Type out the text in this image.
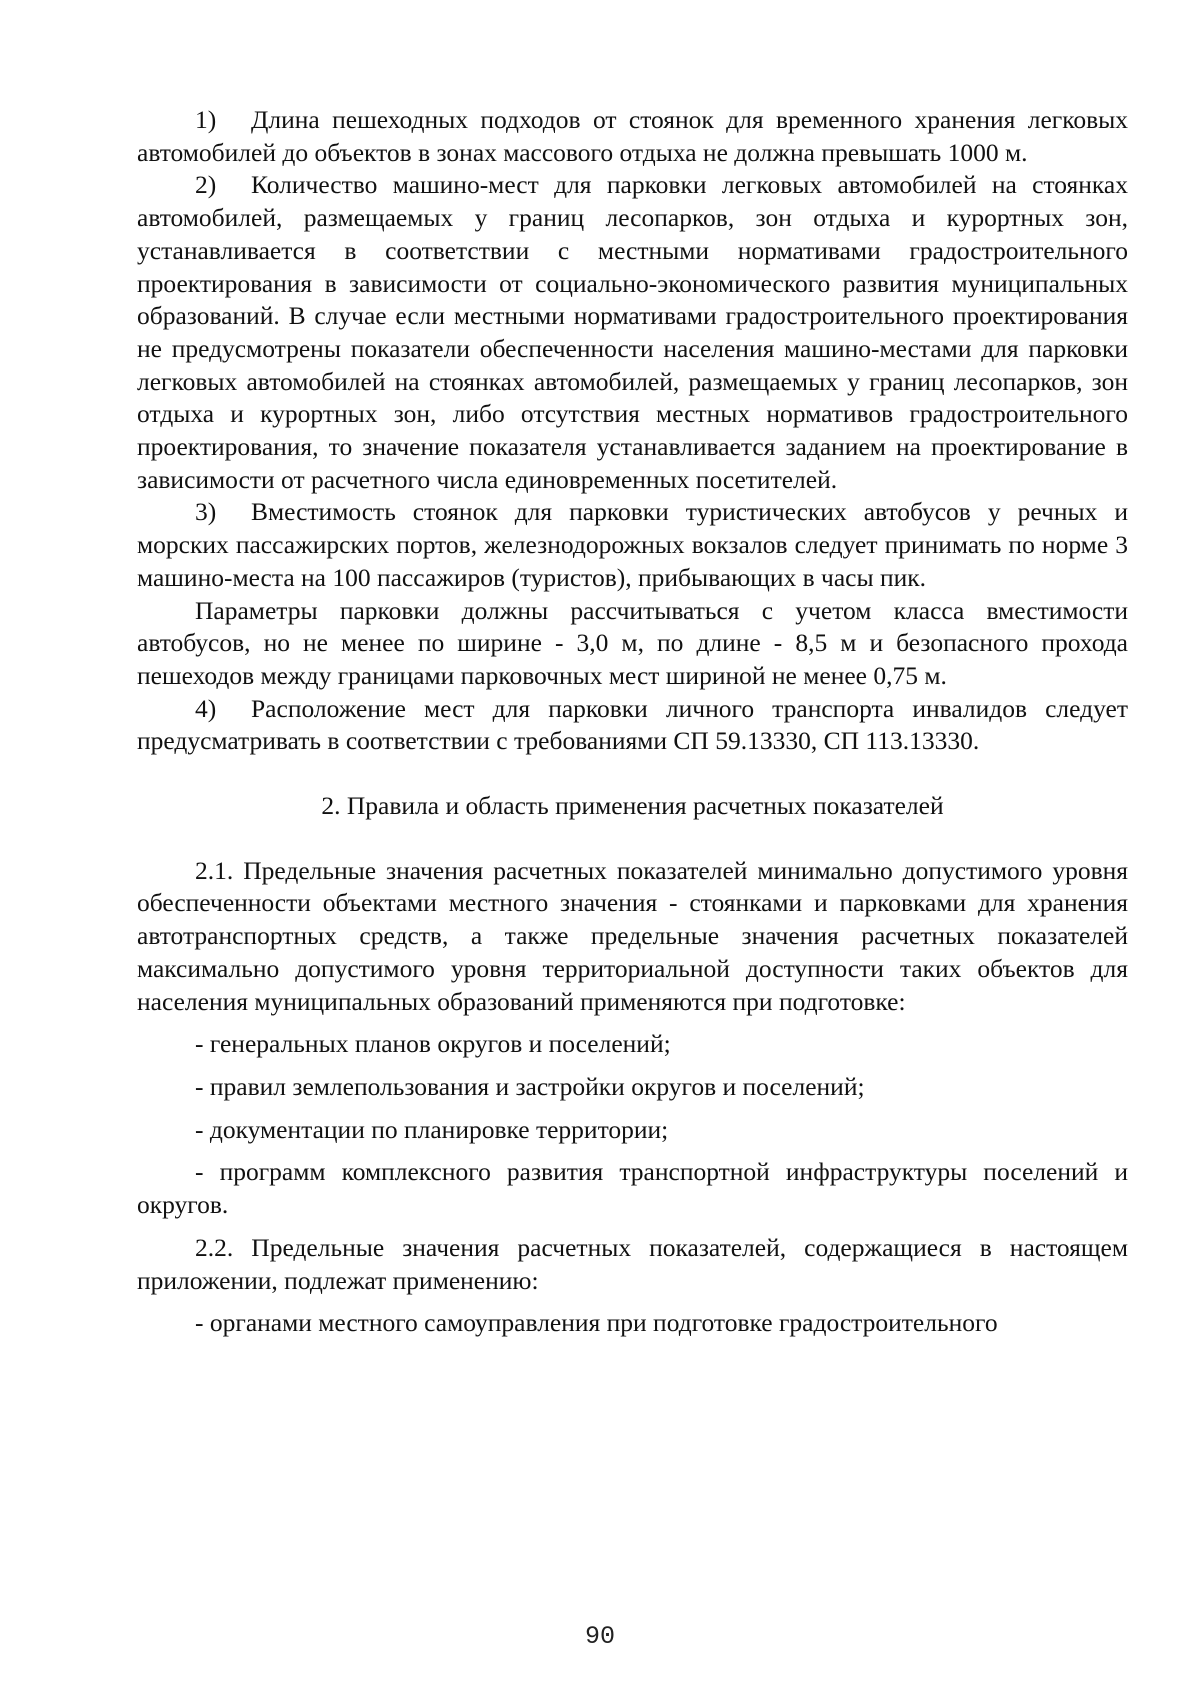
1) Длина пешеходных подходов от стоянок для временного хранения легковых автомобилей до объектов в зонах массового отдыха не должна превышать 1000 м.

2) Количество машино-мест для парковки легковых автомобилей на стоянках автомобилей, размещаемых у границ лесопарков, зон отдыха и курортных зон, устанавливается в соответствии с местными нормативами градостроительного проектирования в зависимости от социально-экономического развития муниципальных образований. В случае если местными нормативами градостроительного проектирования не предусмотрены показатели обеспеченности населения машино-местами для парковки легковых автомобилей на стоянках автомобилей, размещаемых у границ лесопарков, зон отдыха и курортных зон, либо отсутствия местных нормативов градостроительного проектирования, то значение показателя устанавливается заданием на проектирование в зависимости от расчетного числа единовременных посетителей.

3) Вместимость стоянок для парковки туристических автобусов у речных и морских пассажирских портов, железнодорожных вокзалов следует принимать по норме 3 машино-места на 100 пассажиров (туристов), прибывающих в часы пик.

Параметры парковки должны рассчитываться с учетом класса вместимости автобусов, но не менее по ширине - 3,0 м, по длине - 8,5 м и безопасного прохода пешеходов между границами парковочных мест шириной не менее 0,75 м.

4) Расположение мест для парковки личного транспорта инвалидов следует предусматривать в соответствии с требованиями СП 59.13330, СП 113.13330.

2. Правила и область применения расчетных показателей

2.1. Предельные значения расчетных показателей минимально допустимого уровня обеспеченности объектами местного значения - стоянками и парковками для хранения автотранспортных средств, а также предельные значения расчетных показателей максимально допустимого уровня территориальной доступности таких объектов для населения муниципальных образований применяются при подготовке:

- генеральных планов округов и поселений;

- правил землепользования и застройки округов и поселений;

- документации по планировке территории;

- программ комплексного развития транспортной инфраструктуры поселений и округов.

2.2. Предельные значения расчетных показателей, содержащиеся в настоящем приложении, подлежат применению:

- органами местного самоуправления при подготовке градостроительного

90
